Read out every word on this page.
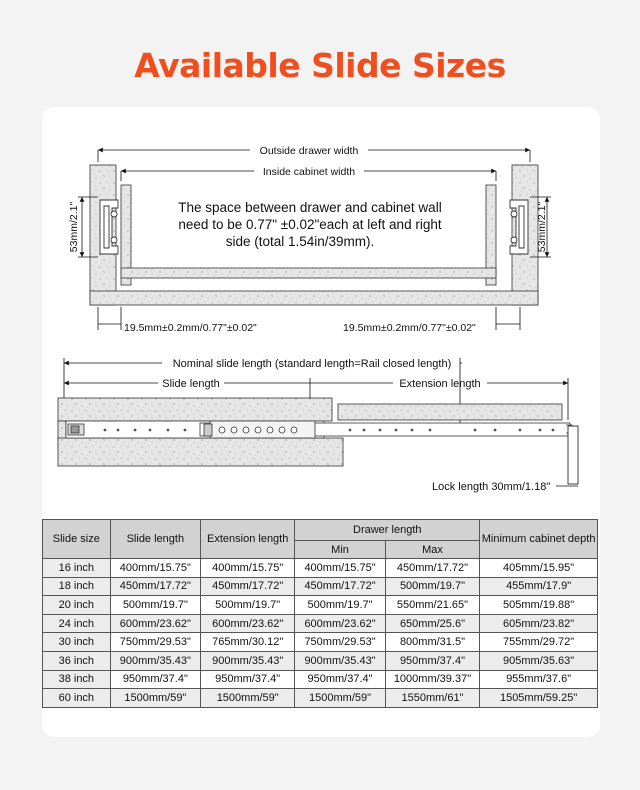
Available Slide Sizes
Outside drawer width
Inside cabinet width
The space between drawer and cabinet wall
need to be 0.77" ±0.02"each at left and right
side (total 1.54in/39mm).
53mm/2.1"	53mm/2.1"
19.5mm±0.2mm/0.77"±0.02"	19.5mm±0.2mm/0.77"±0.02"
Nominal slide length (standard length=Rail closed length)
Slide length	Extension length
Lock length 30mm/1.18"
Slide size	Slide length	Extension length	Drawer length		Minimum cabinet depth
			Min	Max	
16 inch	400mm/15.75"	400mm/15.75"	400mm/15.75"	450mm/17.72"	405mm/15.95"
18 inch	450mm/17.72"	450mm/17.72"	450mm/17.72"	500mm/19.7"	455mm/17.9"
20 inch	500mm/19.7"	500mm/19.7"	500mm/19.7"	550mm/21.65"	505mm/19.88"
24 inch	600mm/23.62"	600mm/23.62"	600mm/23.62"	650mm/25.6"	605mm/23.82"
30 inch	750mm/29.53"	765mm/30.12"	750mm/29.53"	800mm/31.5"	755mm/29.72"
36 inch	900mm/35.43"	900mm/35.43"	900mm/35.43"	950mm/37.4"	905mm/35.63"
38 inch	950mm/37.4"	950mm/37.4"	950mm/37.4"	1000mm/39.37"	955mm/37.6"
60 inch	1500mm/59"	1500mm/59"	1500mm/59"	1550mm/61"	1505mm/59.25"
